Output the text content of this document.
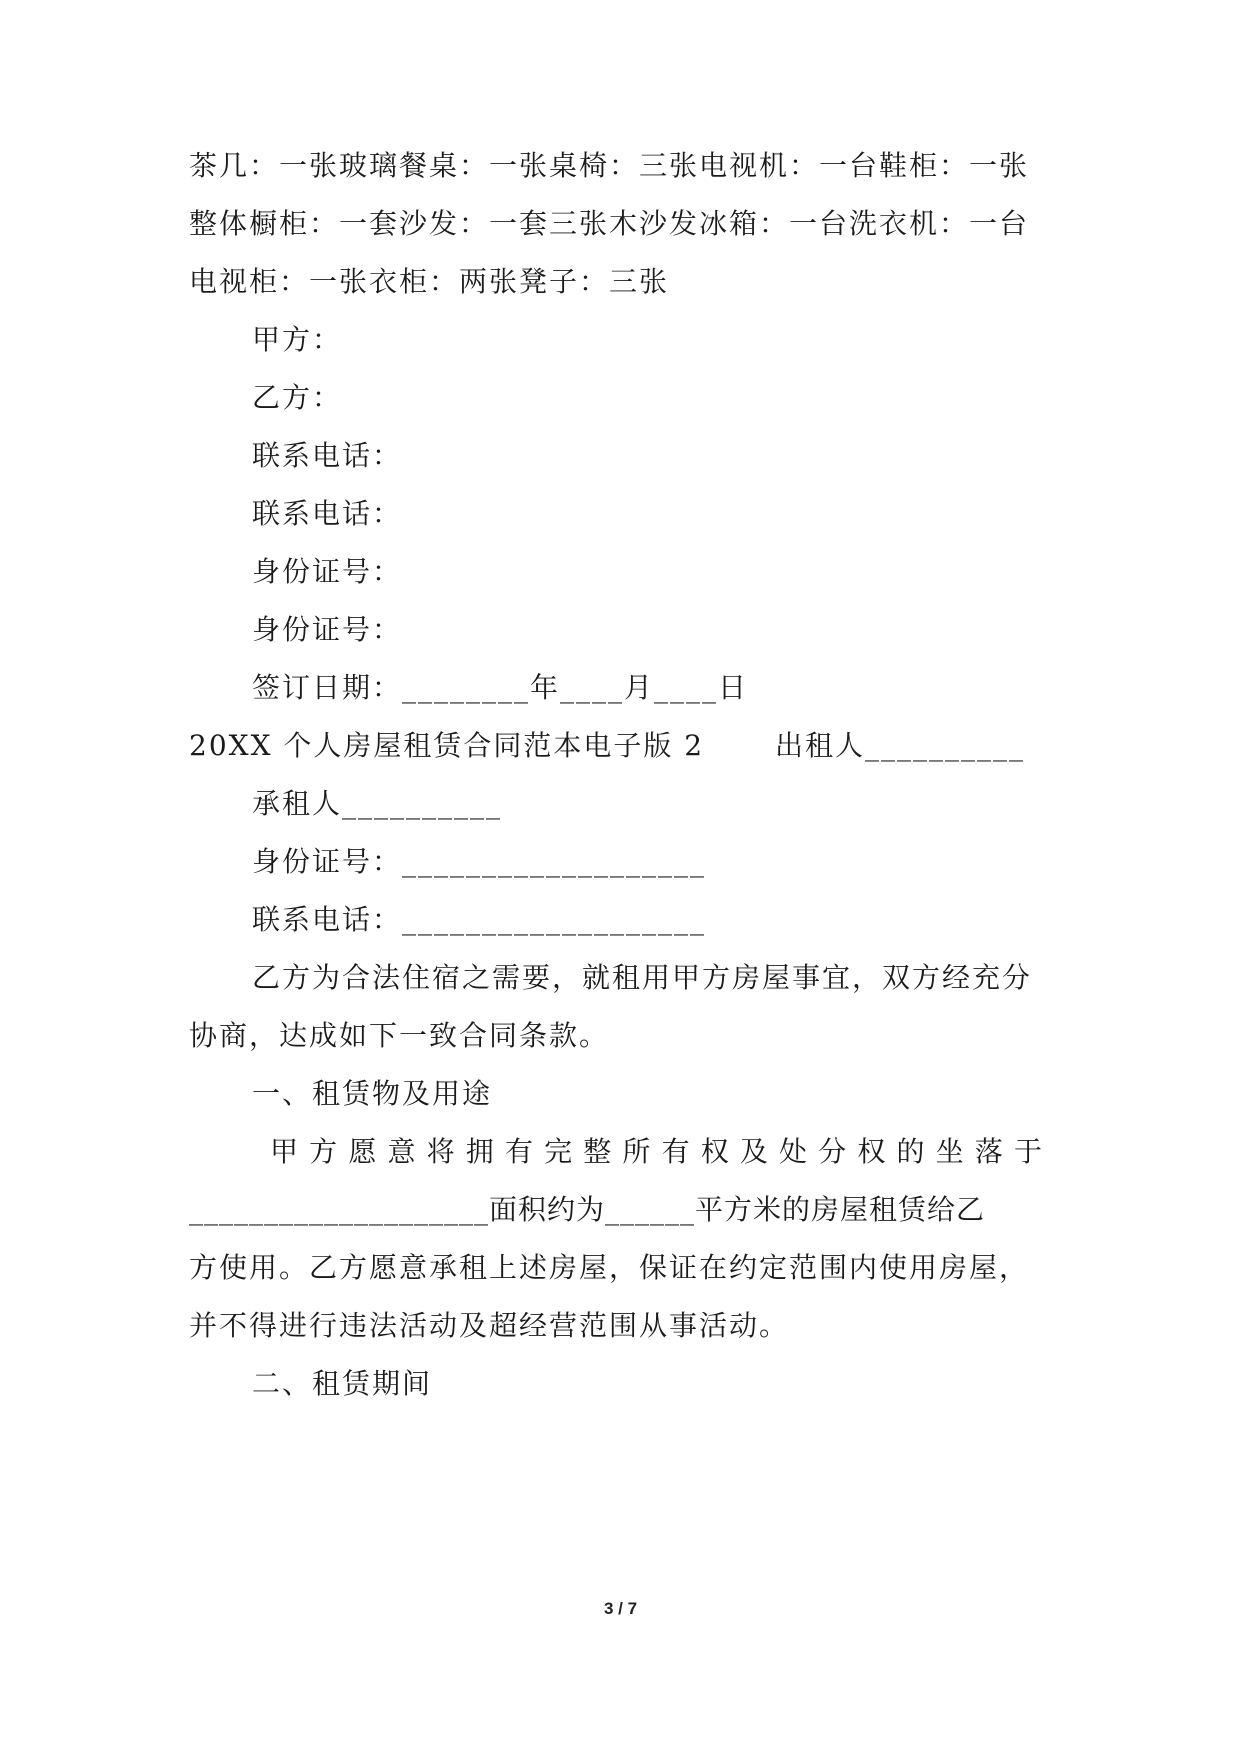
茶几：一张玻璃餐桌：一张桌椅：三张电视机：一台鞋柜：一张
整体橱柜：一套沙发：一套三张木沙发冰箱：一台洗衣机：一台
电视柜：一张衣柜：两张凳子：三张
甲方：
乙方：
联系电话：
联系电话：
身份证号：
身份证号：
签订日期：________年____月____日
20XX 个人房屋租赁合同范本电子版 2　　 出租人__________
承租人__________
身份证号：___________________
联系电话：___________________
乙方为合法住宿之需要，就租用甲方房屋事宜，双方经充分
协商，达成如下一致合同条款。
一、租赁物及用途
甲方愿意将拥有完整所有权及处分权的坐落于
____________________面积约为______平方米的房屋租赁给乙
方使用。乙方愿意承租上述房屋，保证在约定范围内使用房屋，
并不得进行违法活动及超经营范围从事活动。
二、租赁期间
3 / 7
